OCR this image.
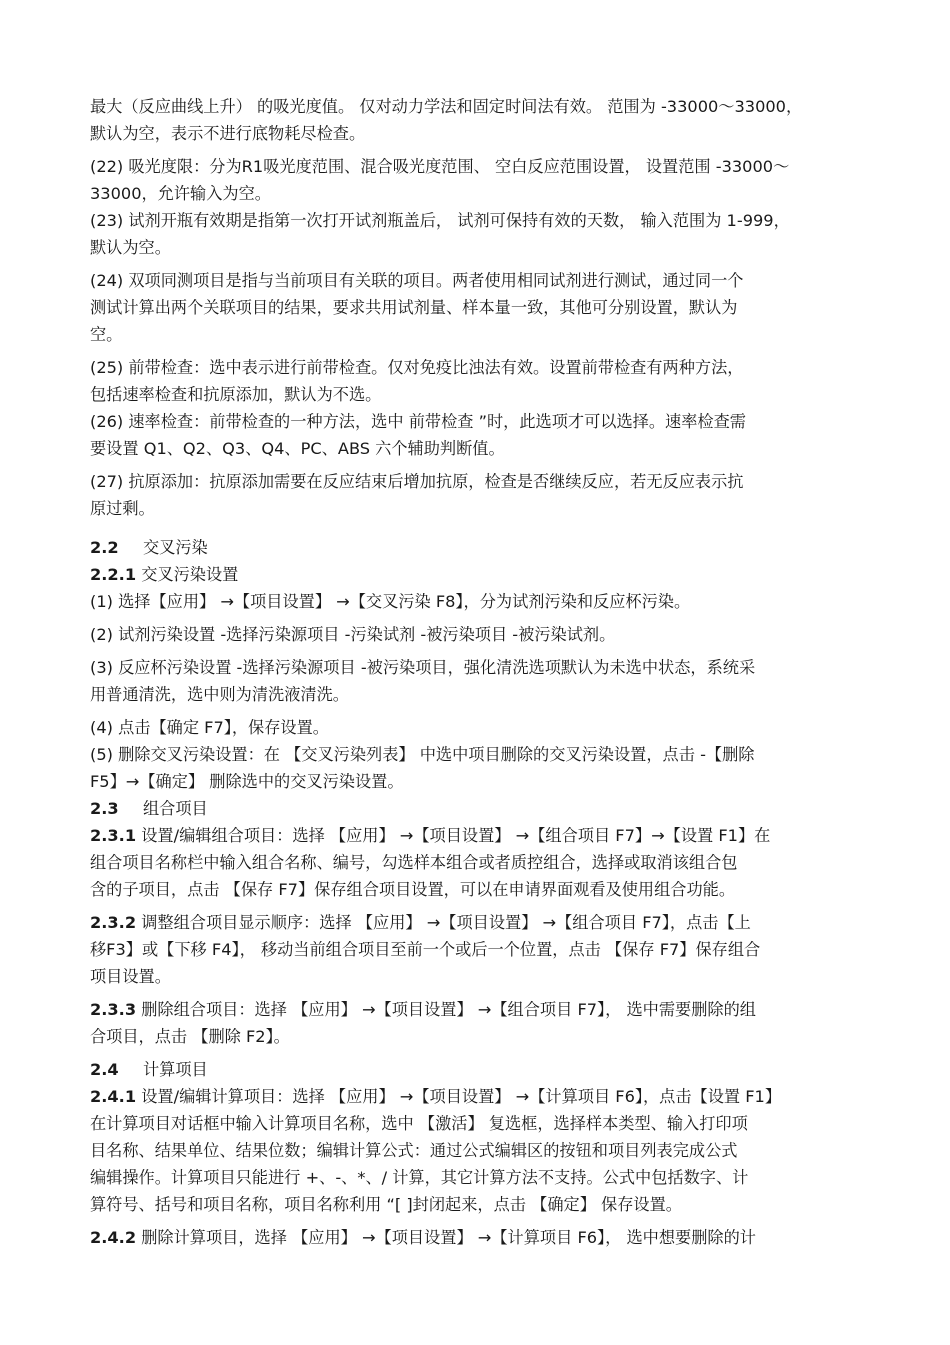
最大（反应曲线上升） 的吸光度值。 仅对动力学法和固定时间法有效。 范围为 -33000～33000，
默认为空，表示不进行底物耗尽检查。
(22) 吸光度限：分为R1吸光度范围、混合吸光度范围、 空白反应范围设置， 设置范围 -33000～
33000，允许输入为空。
(23) 试剂开瓶有效期是指第一次打开试剂瓶盖后， 试剂可保持有效的天数， 输入范围为 1-999，
默认为空。
(24) 双项同测项目是指与当前项目有关联的项目。两者使用相同试剂进行测试，通过同一个
测试计算出两个关联项目的结果，要求共用试剂量、样本量一致，其他可分别设置，默认为
空。
(25) 前带检查：选中表示进行前带检查。仅对免疫比浊法有效。设置前带检查有两种方法，
包括速率检查和抗原添加，默认为不选。
(26) 速率检查：前带检查的一种方法，选中 前带检查 ”时，此选项才可以选择。速率检查需
要设置 Q1、Q2、Q3、Q4、PC、ABS 六个辅助判断值。
(27) 抗原添加：抗原添加需要在反应结束后增加抗原，检查是否继续反应，若无反应表示抗
原过剩。
2.2 交叉污染
2.2.1 交叉污染设置
(1) 选择【应用】 →【项目设置】 →【交叉污染 F8】，分为试剂污染和反应杯污染。
(2) 试剂污染设置 -选择污染源项目 -污染试剂 -被污染项目 -被污染试剂。
(3) 反应杯污染设置 -选择污染源项目 -被污染项目，强化清洗选项默认为未选中状态，系统采
用普通清洗，选中则为清洗液清洗。
(4) 点击【确定 F7】，保存设置。
(5) 删除交叉污染设置：在 【交叉污染列表】 中选中项目删除的交叉污染设置，点击 -【删除
F5】→【确定】 删除选中的交叉污染设置。
2.3 组合项目
2.3.1 设置/编辑组合项目：选择 【应用】 →【项目设置】 →【组合项目 F7】→【设置 F1】在
组合项目名称栏中输入组合名称、编号，勾选样本组合或者质控组合，选择或取消该组合包
含的子项目，点击 【保存 F7】保存组合项目设置，可以在申请界面观看及使用组合功能。
2.3.2 调整组合项目显示顺序：选择 【应用】 →【项目设置】 →【组合项目 F7】，点击【上
移F3】或【下移 F4】， 移动当前组合项目至前一个或后一个位置，点击 【保存 F7】保存组合
项目设置。
2.3.3 删除组合项目：选择 【应用】 →【项目设置】 →【组合项目 F7】， 选中需要删除的组
合项目，点击 【删除 F2】。
2.4 计算项目
2.4.1 设置/编辑计算项目：选择 【应用】 →【项目设置】 →【计算项目 F6】，点击【设置 F1】
在计算项目对话框中输入计算项目名称，选中 【激活】 复选框，选择样本类型、输入打印项
目名称、结果单位、结果位数；编辑计算公式：通过公式编辑区的按钮和项目列表完成公式
编辑操作。计算项目只能进行 +、-、*、/ 计算，其它计算方法不支持。公式中包括数字、计
算符号、括号和项目名称，项目名称利用 “[ ]封闭起来，点击 【确定】 保存设置。
2.4.2 删除计算项目，选择 【应用】 →【项目设置】 →【计算项目 F6】， 选中想要删除的计
